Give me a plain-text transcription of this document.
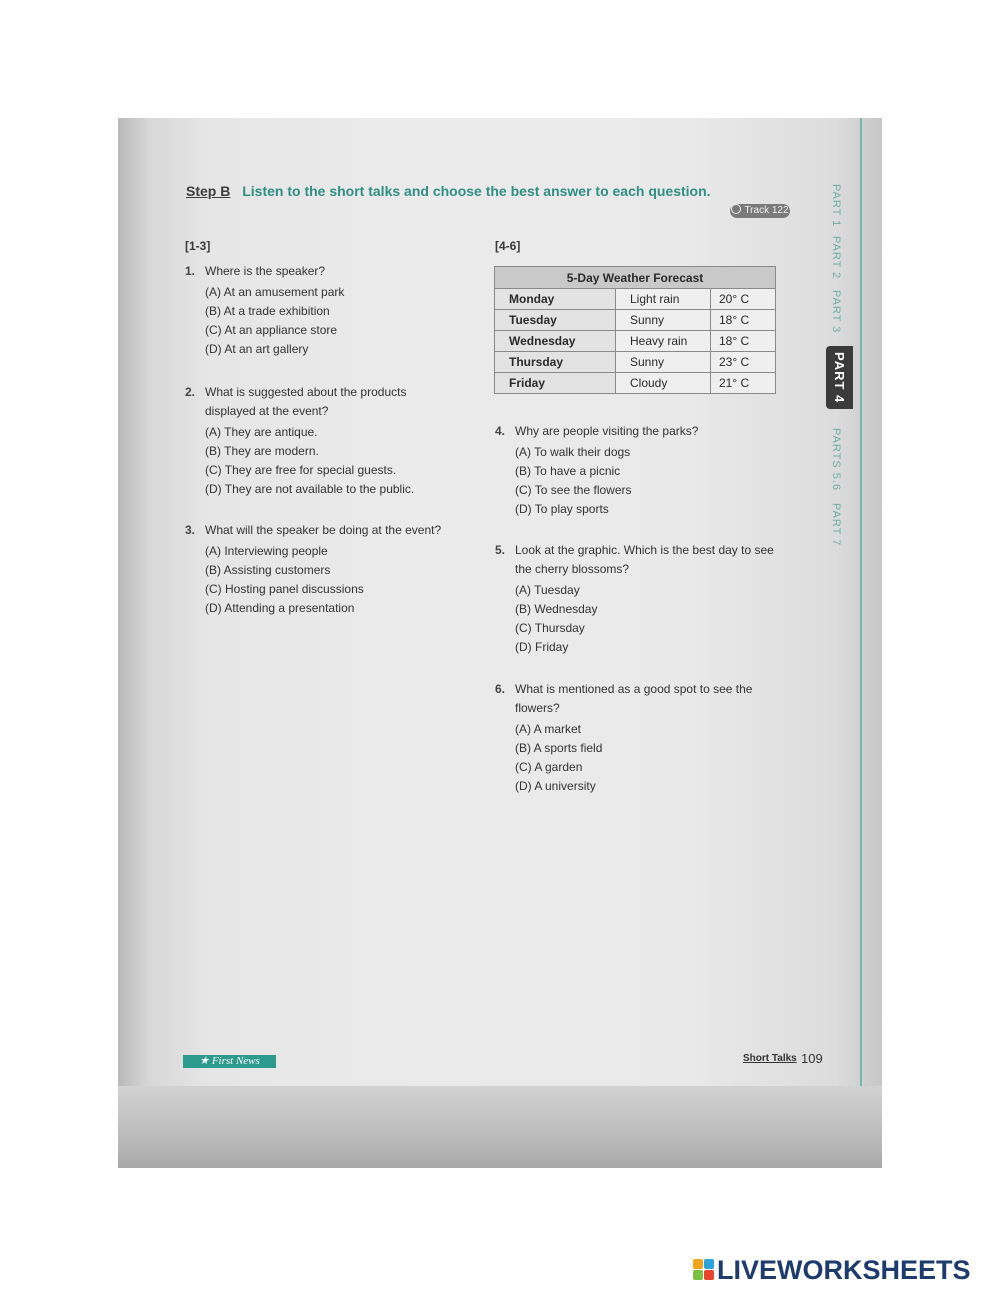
PART 1
PART 2
PART 3
PART 4
PARTS 5.6
PART 7
Step B Listen to the short talks and choose the best answer to each question.
Track 122
[1-3]	[4-6]
1. Where is the speaker?
(A) At an amusement park
(B) At a trade exhibition
(C) At an appliance store
(D) At an art gallery
2. What is suggested about the products displayed at the event?
(A) They are antique.
(B) They are modern.
(C) They are free for special guests.
(D) They are not available to the public.
3. What will the speaker be doing at the event?
(A) Interviewing people
(B) Assisting customers
(C) Hosting panel discussions
(D) Attending a presentation
5-Day Weather Forecast		
Monday	Light rain	20° C
Tuesday	Sunny	18° C
Wednesday	Heavy rain	18° C
Thursday	Sunny	23° C
Friday	Cloudy	21° C
4. Why are people visiting the parks?
(A) To walk their dogs
(B) To have a picnic
(C) To see the flowers
(D) To play sports
5. Look at the graphic. Which is the best day to see the cherry blossoms?
(A) Tuesday
(B) Wednesday
(C) Thursday
(D) Friday
6. What is mentioned as a good spot to see the flowers?
(A) A market
(B) A sports field
(C) A garden
(D) A university
★ First News	Short Talks 109
LIVEWORKSHEETS
